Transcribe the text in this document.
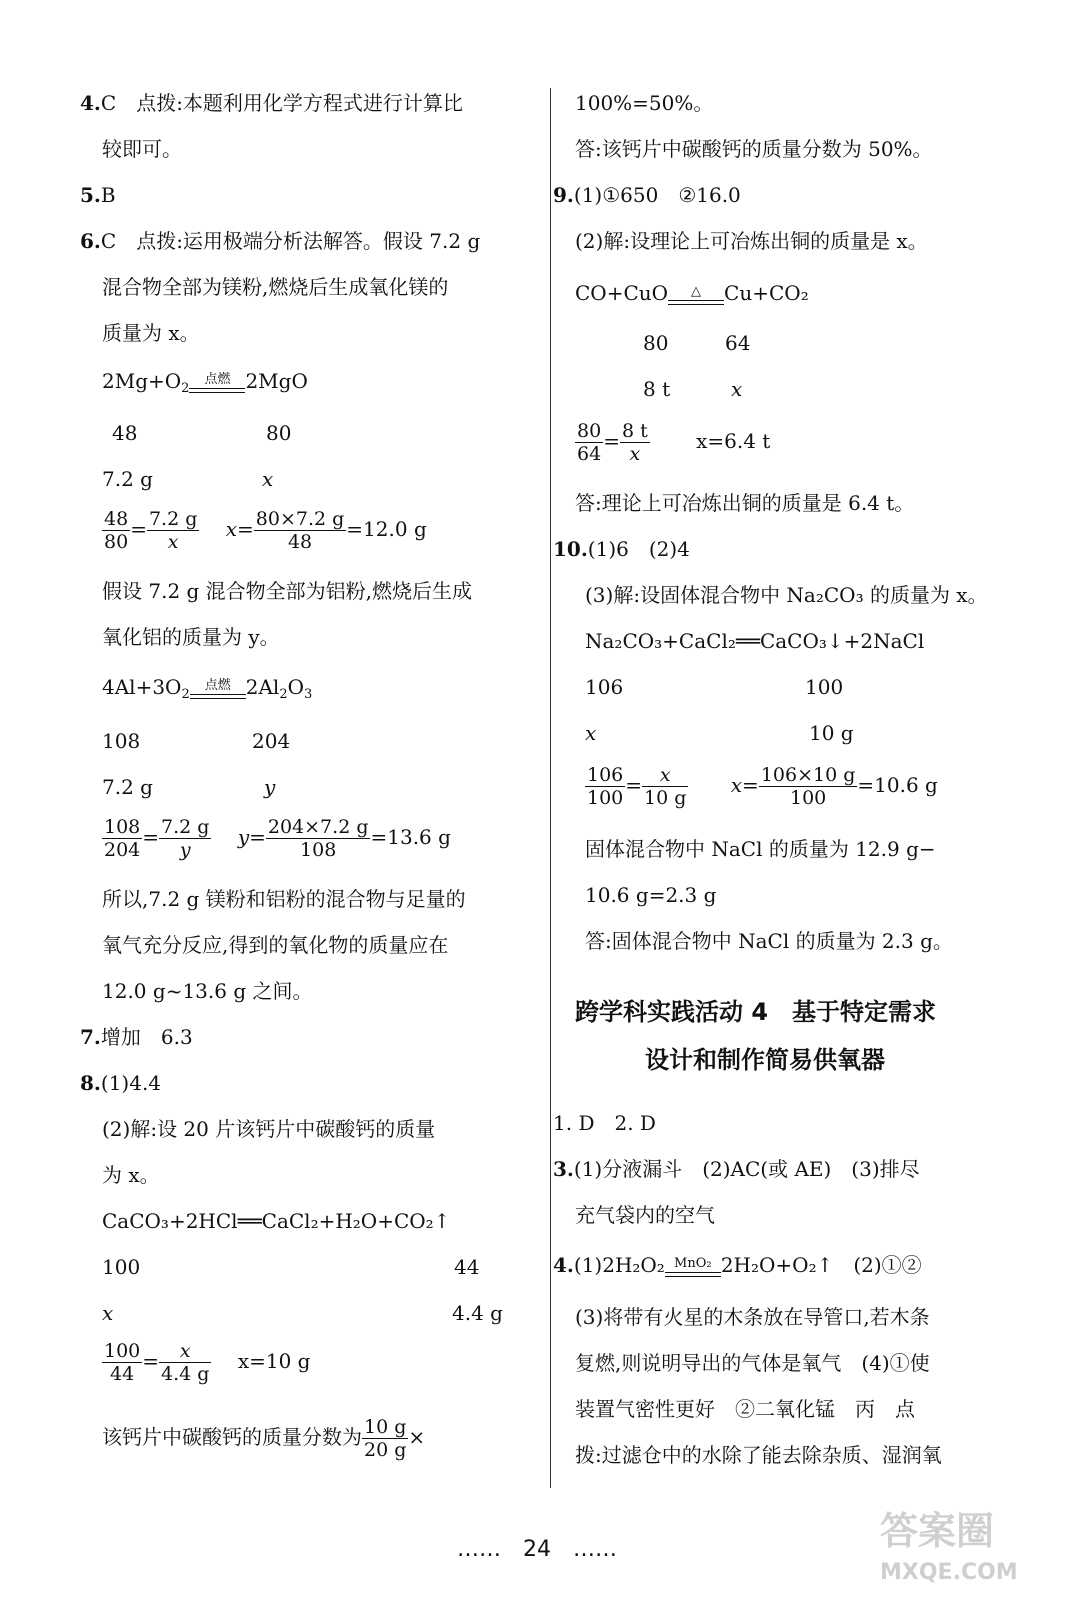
4.C　点拨:本题利用化学方程式进行计算比
较即可。
5.B
6.C　点拨:运用极端分析法解答。假设 7.2 g
混合物全部为镁粉,燃烧后生成氧化镁的
质量为 x。
$2Mg+O_2$
点燃 2MgO
48	80
7.2 g	x
$\frac{48}{80} = \frac{7.2 g}{x} x= \frac{80\times 7.2 g}{48} =12.0$ g
假设 7.2 g 混合物全部为铝粉,燃烧后生成
氧化铝的质量为 y。
$4Al+3O_2$
点燃 $2Al_2O_3$
108	204
7.2 g	y
$\frac{108}{204} = \frac{7.2 g}{y} y= \frac{204\times 7.2 g}{108} =13.6$ g
所以,7.2 g 镁粉和铝粉的混合物与足量的
氧气充分反应,得到的氧化物的质量应在
12.0 g~13.6 g 之间。
7.增加　6.3
8.(1)4.4
(2)解:设 20 片该钙片中碳酸钙的质量
为 x。
CaCO₃+2HCl══CaCl₂+H₂O+CO₂↑
100	44
x	4.4 g
$\frac{100}{44} = \frac{x}{4.4 g} x=10$ g
该钙片中碳酸钙的质量分数为 $\frac{10 g}{20 g}$ ×
100%=50%。
答:该钙片中碳酸钙的质量分数为 50%。
9.(1)①650　②16.0
(2)解:设理论上可冶炼出铜的质量是 x。
CO+CuO	△	Cu+CO₂
80	64
8 t	x
$\frac{80}{64} = \frac{8 t}{x} x=6.4$ t
答:理论上可冶炼出铜的质量是 6.4 t。
10.(1)6　(2)4
(3)解:设固体混合物中 Na₂CO₃ 的质量为 x。
Na₂CO₃+CaCl₂══CaCO₃↓+2NaCl
106	100
x	10 g
$\frac{106}{100} = \frac{x}{10 g} x= \frac{106\times 10 g}{100} =10.6$ g
固体混合物中 NaCl 的质量为 12.9 g−
10.6 g=2.3 g
答:固体混合物中 NaCl 的质量为 2.3 g。
跨学科实践活动 4　基于特定需求
设计和制作简易供氧器
1. D　2. D
3.(1)分液漏斗　(2)AC(或 AE)　(3)排尽
充气袋内的空气
4.(1)2H₂O₂ MnO₂ 2H₂O+O₂↑　(2)①②
(3)将带有火星的木条放在导管口,若木条
复燃,则说明导出的气体是氧气　(4)①使
装置气密性更好　②二氧化锰　丙　点
拨:过滤仓中的水除了能去除杂质、湿润氧
……　24　……	答案圈
MXQE.COM
